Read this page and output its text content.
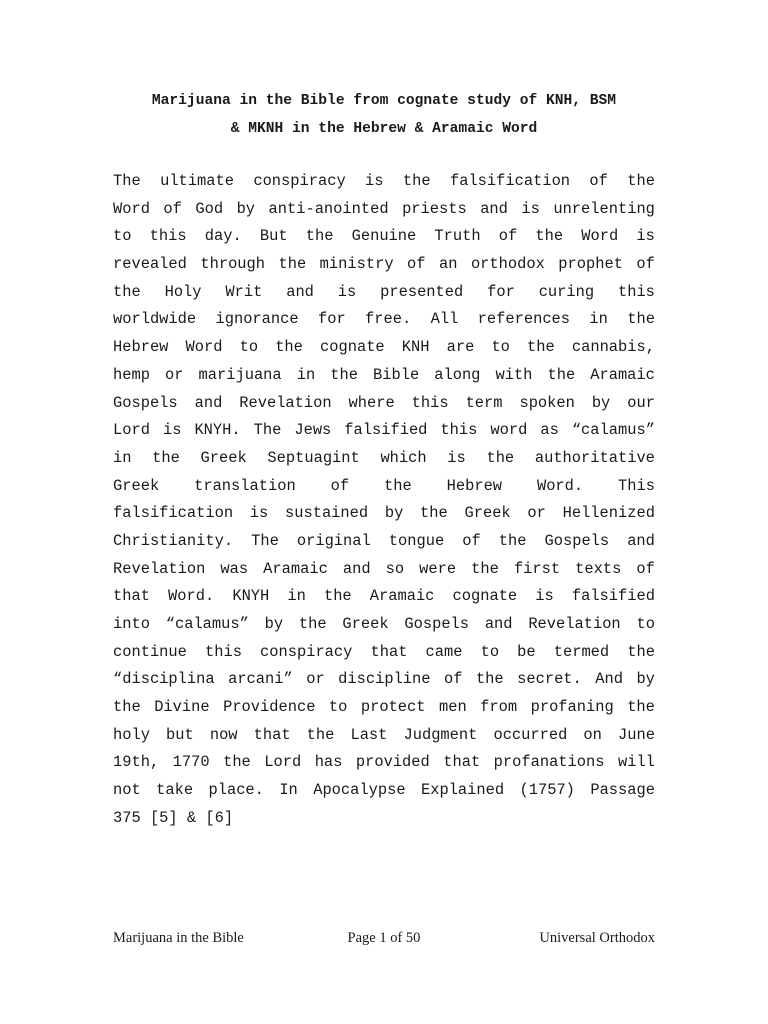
Marijuana in the Bible from cognate study of KNH, BSM
& MKNH in the Hebrew & Aramaic Word
The ultimate conspiracy is the falsification of the
Word of God by anti-anointed priests and is unrelenting
to this day. But the Genuine Truth of the Word is
revealed through the ministry of an orthodox prophet of
the Holy Writ and is presented for curing this
worldwide ignorance for free. All references in the
Hebrew Word to the cognate KNH are to the cannabis,
hemp or marijuana in the Bible along with the Aramaic
Gospels and Revelation where this term spoken by our
Lord is KNYH. The Jews falsified this word as “calamus”
in the Greek Septuagint which is the authoritative
Greek translation of the Hebrew Word. This
falsification is sustained by the Greek or Hellenized
Christianity. The original tongue of the Gospels and
Revelation was Aramaic and so were the first texts of
that Word. KNYH in the Aramaic cognate is falsified
into “calamus” by the Greek Gospels and Revelation to
continue this conspiracy that came to be termed the
“disciplina arcani” or discipline of the secret. And by
the Divine Providence to protect men from profaning the
holy but now that the Last Judgment occurred on June
19th, 1770 the Lord has provided that profanations will
not take place. In Apocalypse Explained (1757) Passage
375 [5] & [6]
Marijuana in the Bible	Page 1 of 50	Universal Orthodox
